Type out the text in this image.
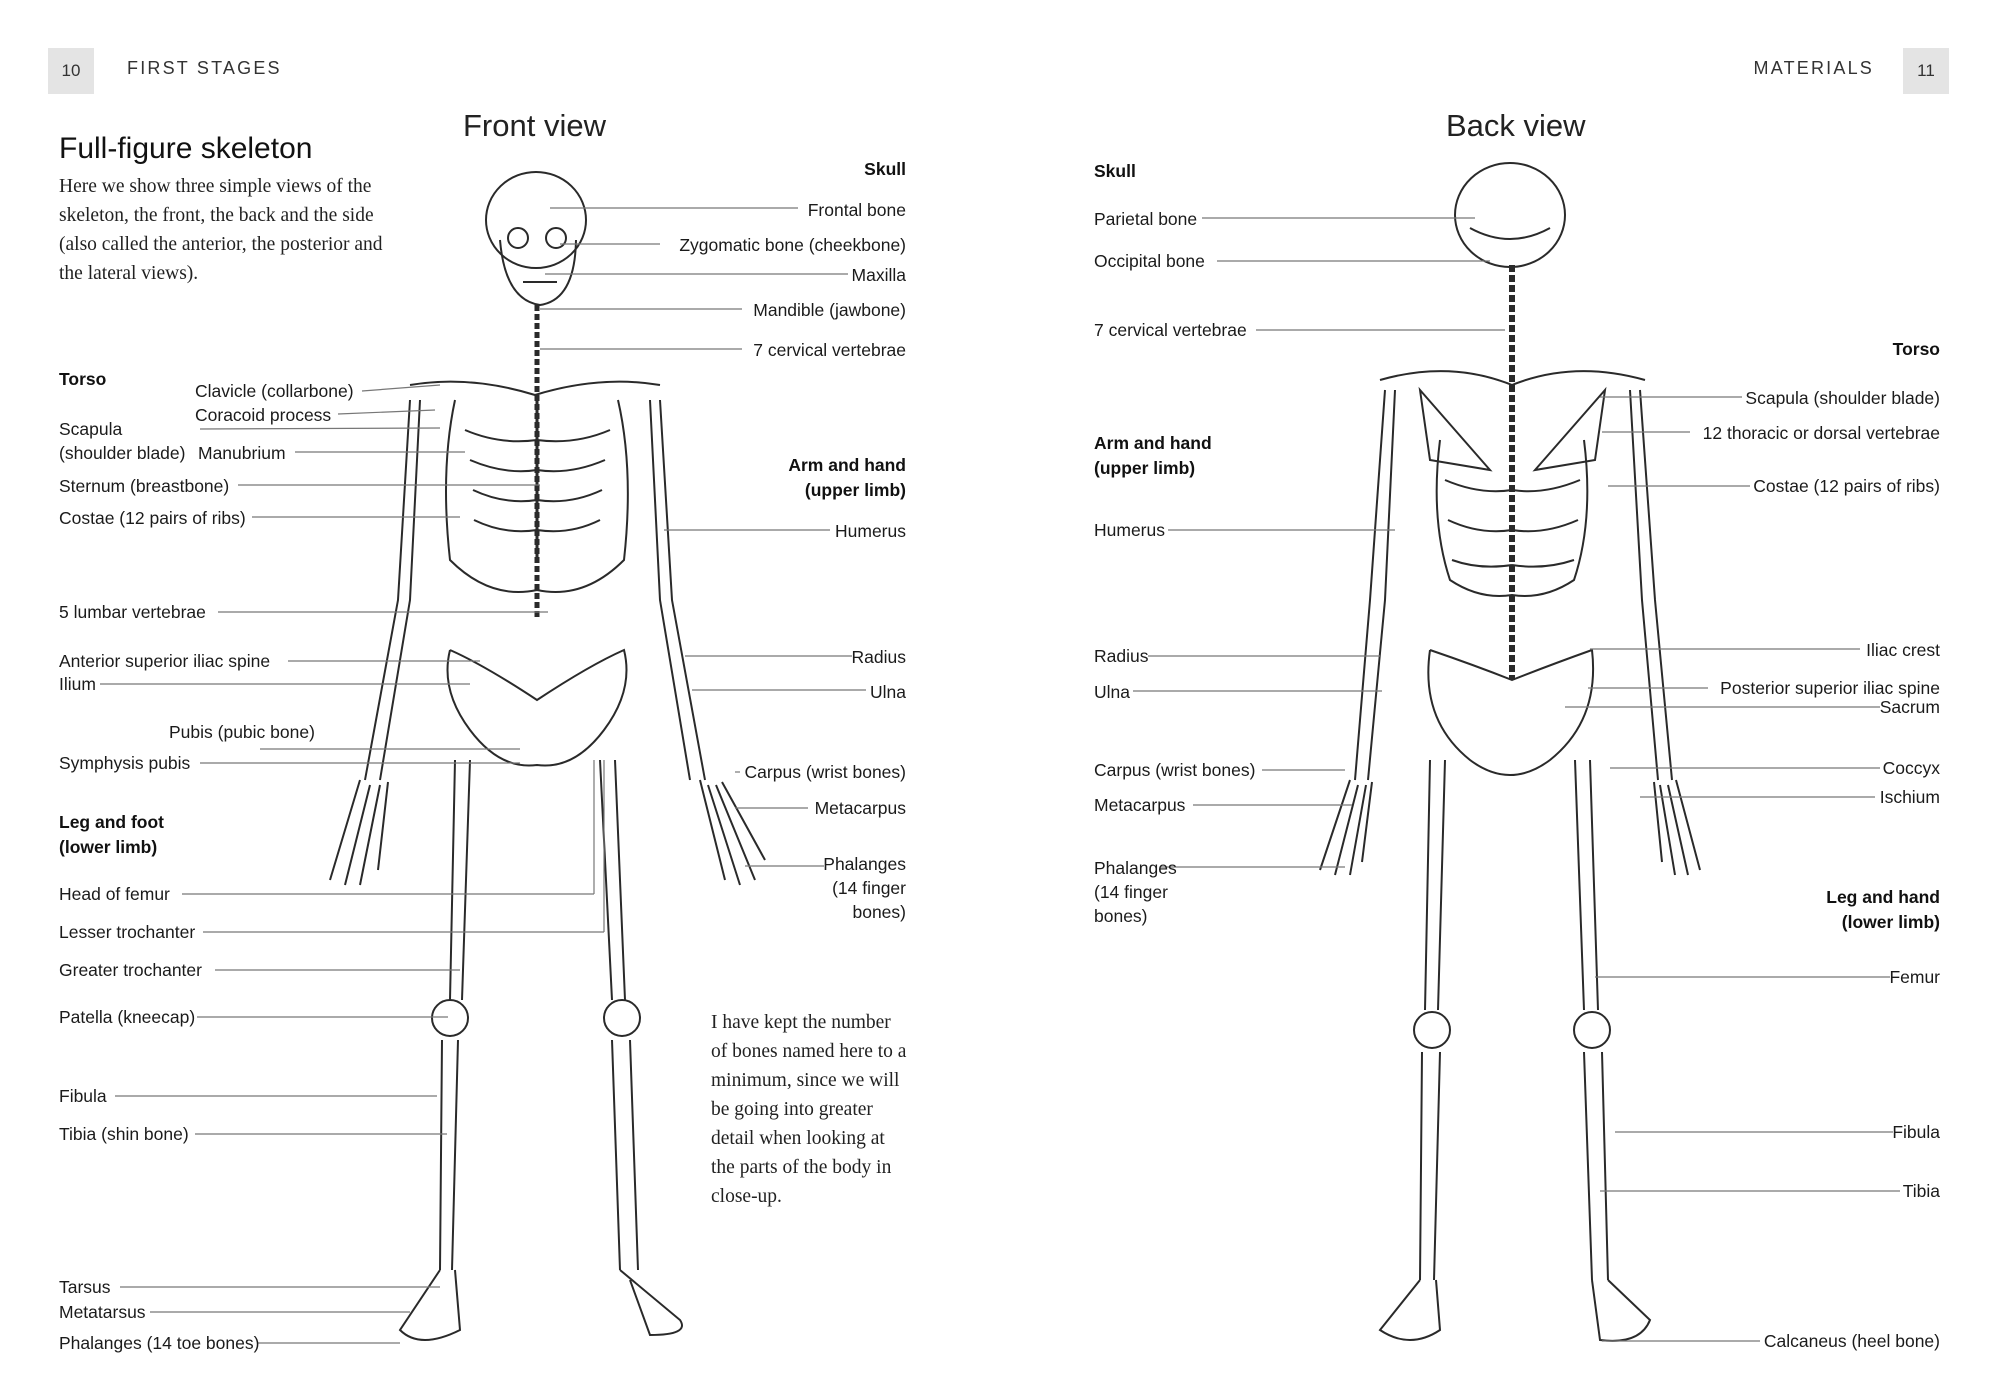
10	FIRST STAGES	MATERIALS	11
Full-figure skeleton
Here we show three simple views of the skeleton, the front, the back and the side (also called the anterior, the posterior and the lateral views).
I have kept the number of bones named here to a minimum, since we will be going into greater detail when looking at the parts of the body in close-up.
Front view	Back view
Skull
Frontal bone
Zygomatic bone (cheekbone)
Maxilla
Mandible (jawbone)
7 cervical vertebrae
Arm and hand
(upper limb)
Humerus
Radius
Ulna
Carpus (wrist bones)
Metacarpus
Phalanges
(14 finger
bones)
Torso
Clavicle (collarbone)
Coracoid process
Scapula
(shoulder blade) Manubrium
Sternum (breastbone)
Costae (12 pairs of ribs)
5 lumbar vertebrae
Anterior superior iliac spine
Ilium
Pubis (pubic bone)
Symphysis pubis
Leg and foot
(lower limb)
Head of femur
Lesser trochanter
Greater trochanter
Patella (kneecap)
Fibula
Tibia (shin bone)
Tarsus
Metatarsus
Phalanges (14 toe bones)
Skull
Parietal bone
Occipital bone
7 cervical vertebrae
Arm and hand
(upper limb)
Humerus
Radius
Ulna
Carpus (wrist bones)
Metacarpus
Phalanges
(14 finger
bones)
Torso
Scapula (shoulder blade)
12 thoracic or dorsal vertebrae
Costae (12 pairs of ribs)
Iliac crest
Posterior superior iliac spine
Sacrum
Coccyx
Ischium
Leg and hand
(lower limb)
Femur
Fibula
Tibia
Calcaneus (heel bone)
